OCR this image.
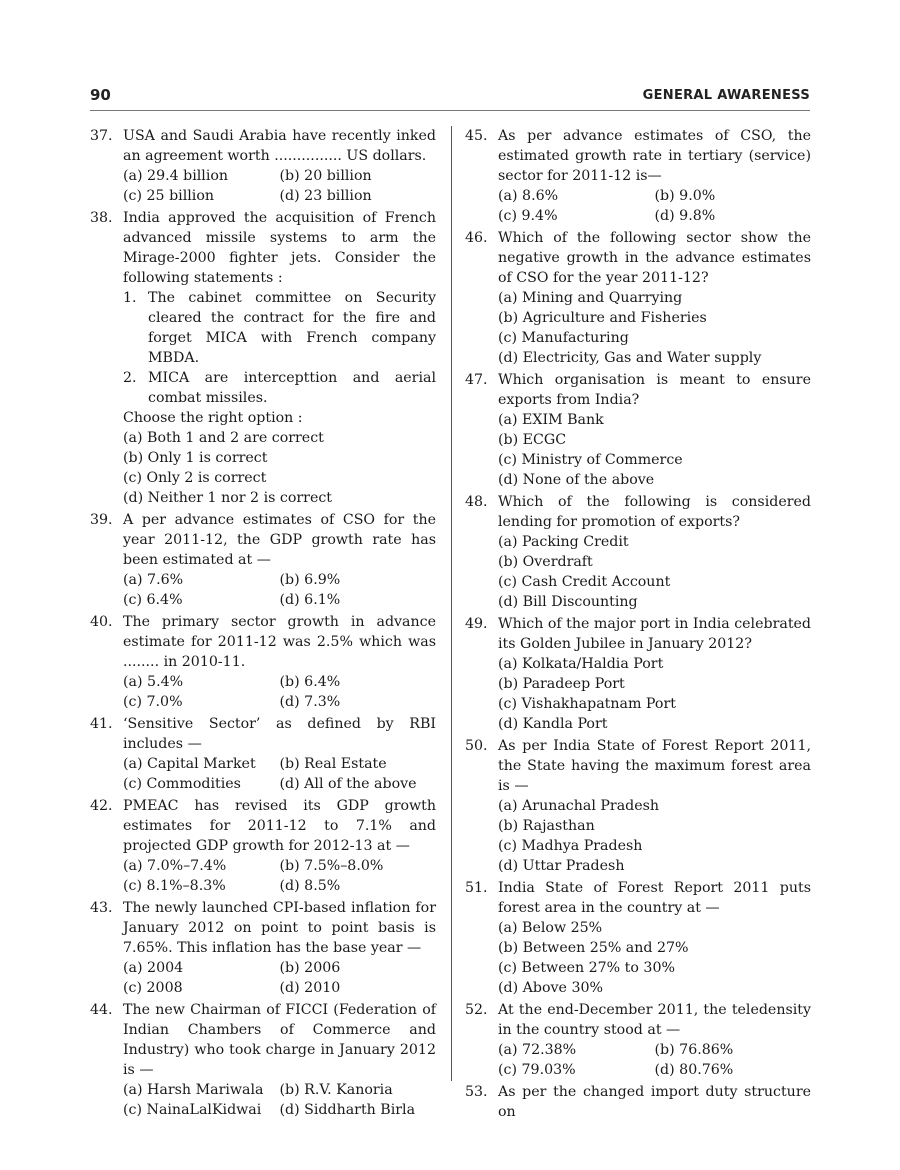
90	GENERAL AWARENESS
37. USA and Saudi Arabia have recently inked an agreement worth ............... US dollars.
(a) 29.4 billion	(b) 20 billion
(c) 25 billion	(d) 23 billion
38. India approved the acquisition of French advanced missile systems to arm the Mirage-2000 fighter jets. Consider the following statements :
1. The cabinet committee on Security cleared the contract for the fire and forget MICA with French company MBDA.
2. MICA are intercepttion and aerial combat missiles.
Choose the right option :
(a) Both 1 and 2 are correct
(b) Only 1 is correct
(c) Only 2 is correct
(d) Neither 1 nor 2 is correct
39. A per advance estimates of CSO for the year 2011-12, the GDP growth rate has been estimated at —
(a) 7.6%	(b) 6.9%
(c) 6.4%	(d) 6.1%
40. The primary sector growth in advance estimate for 2011-12 was 2.5% which was ........ in 2010-11.
(a) 5.4%	(b) 6.4%
(c) 7.0%	(d) 7.3%
41. ‘Sensitive Sector’ as defined by RBI includes —
(a) Capital Market	(b) Real Estate
(c) Commodities	(d) All of the above
42. PMEAC has revised its GDP growth estimates for 2011-12 to 7.1% and projected GDP growth for 2012-13 at —
(a) 7.0%–7.4%	(b) 7.5%–8.0%
(c) 8.1%–8.3%	(d) 8.5%
43. The newly launched CPI-based inflation for January 2012 on point to point basis is 7.65%. This inflation has the base year —
(a) 2004	(b) 2006
(c) 2008	(d) 2010
44. The new Chairman of FICCI (Federation of Indian Chambers of Commerce and Industry) who took charge in January 2012 is —
(a) Harsh Mariwala	(b) R.V. Kanoria
(c) NainaLalKidwai	(d) Siddharth Birla
45. As per advance estimates of CSO, the estimated growth rate in tertiary (service) sector for 2011-12 is—
(a) 8.6%	(b) 9.0%
(c) 9.4%	(d) 9.8%
46. Which of the following sector show the negative growth in the advance estimates of CSO for the year 2011-12?
(a) Mining and Quarrying
(b) Agriculture and Fisheries
(c) Manufacturing
(d) Electricity, Gas and Water supply
47. Which organisation is meant to ensure exports from India?
(a) EXIM Bank
(b) ECGC
(c) Ministry of Commerce
(d) None of the above
48. Which of the following is considered lending for promotion of exports?
(a) Packing Credit
(b) Overdraft
(c) Cash Credit Account
(d) Bill Discounting
49. Which of the major port in India celebrated its Golden Jubilee in January 2012?
(a) Kolkata/Haldia Port
(b) Paradeep Port
(c) Vishakhapatnam Port
(d) Kandla Port
50. As per India State of Forest Report 2011, the State having the maximum forest area is —
(a) Arunachal Pradesh
(b) Rajasthan
(c) Madhya Pradesh
(d) Uttar Pradesh
51. India State of Forest Report 2011 puts forest area in the country at —
(a) Below 25%
(b) Between 25% and 27%
(c) Between 27% to 30%
(d) Above 30%
52. At the end-December 2011, the teledensity in the country stood at —
(a) 72.38%	(b) 76.86%
(c) 79.03%	(d) 80.76%
53. As per the changed import duty structure on
